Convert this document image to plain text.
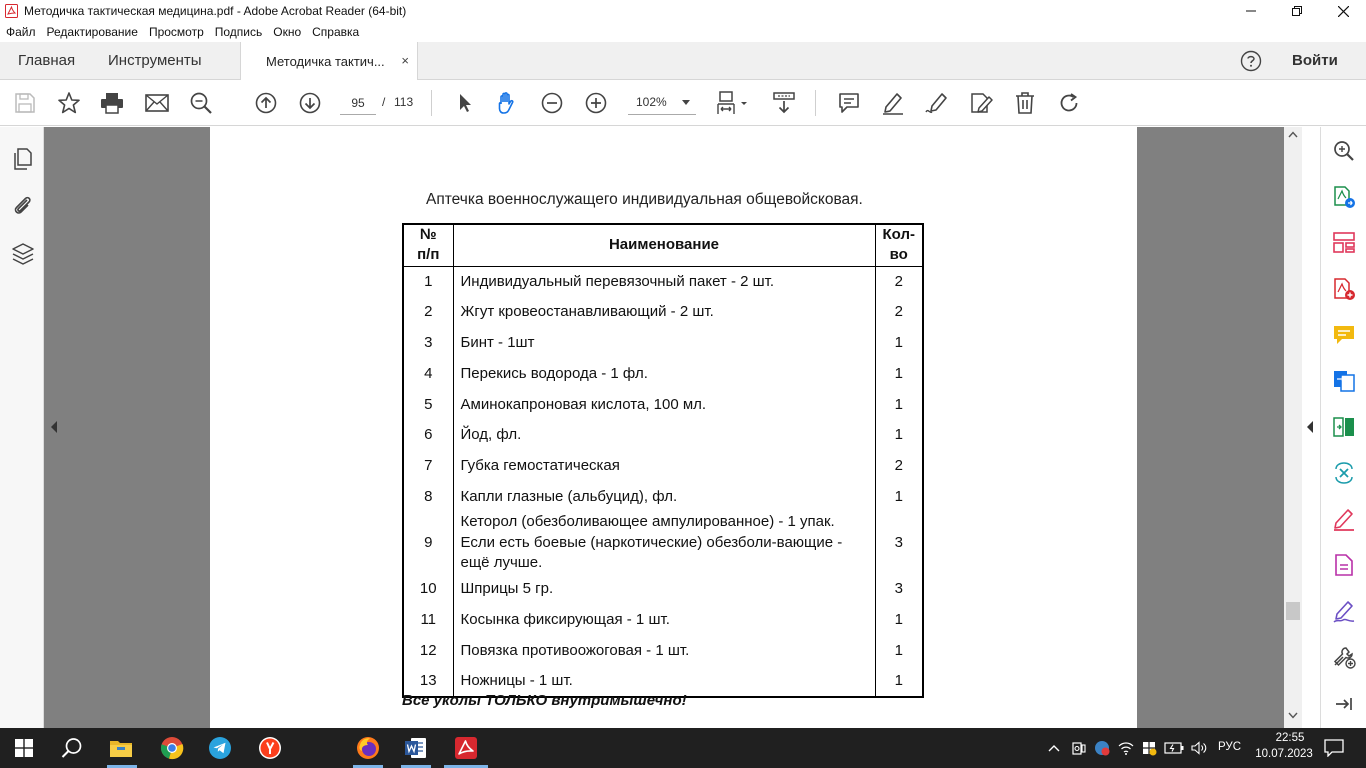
Методичка тактическая медицина.pdf - Adobe Acrobat Reader (64-bit)
Файл Редактирование Просмотр Подпись Окно Справка
Главная Инструменты	Методичка тактич... ×	Войти
95
/ 113	102%
Аптечка военнослужащего индивидуальная общевойсковая.
№
п/п	Наименование	Кол-
во
1	Индивидуальный перевязочный пакет - 2 шт.	2
2	Жгут кровеостанавливающий - 2 шт.	2
3	Бинт - 1шт	1
4	Перекись водорода - 1 фл.	1
5	Аминокапроновая кислота, 100 мл.	1
6	Йод, фл.	1
7	Губка гемостатическая	2
8	Капли глазные (альбуцид), фл.	1
9	Кеторол (обезболивающее ампулированное) - 1 упак. Если есть боевые (наркотические) обезболи-вающие - ещё лучше.	3
10	Шприцы 5 гр.	3
11	Косынка фиксирующая - 1 шт.	1
12	Повязка противоожоговая - 1 шт.	1
13	Ножницы - 1 шт.	1
Все уколы ТОЛЬКО внутримышечно!
РУС
22:55
10.07.2023
